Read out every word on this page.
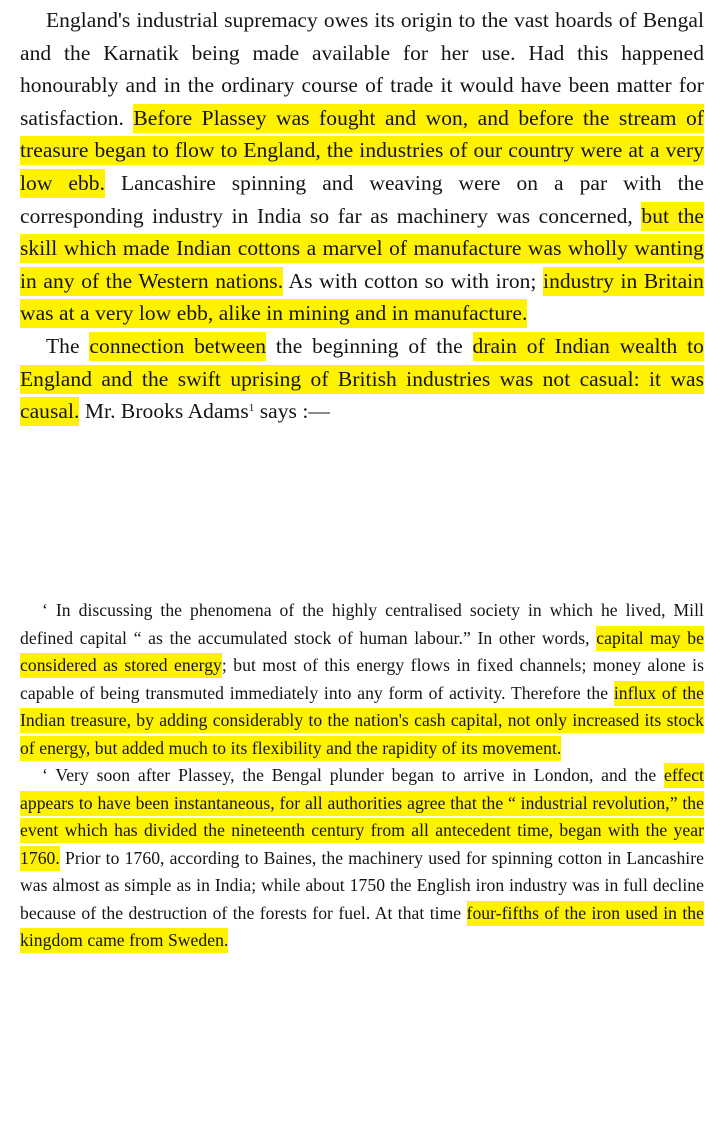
England's industrial supremacy owes its origin to the vast hoards of Bengal and the Karnatik being made available for her use. Had this happened honourably and in the ordinary course of trade it would have been matter for satisfaction. Before Plassey was fought and won, and before the stream of treasure began to flow to England, the industries of our country were at a very low ebb. Lancashire spinning and weaving were on a par with the corresponding industry in India so far as machinery was concerned, but the skill which made Indian cottons a marvel of manufacture was wholly wanting in any of the Western nations. As with cotton so with iron; industry in Britain was at a very low ebb, alike in mining and in manufacture.

The connection between the beginning of the drain of Indian wealth to England and the swift uprising of British industries was not casual: it was causal. Mr. Brooks Adams$^1$ says :—

‘ In discussing the phenomena of the highly centralised society in which he lived, Mill defined capital “ as the accumulated stock of human labour.” In other words, capital may be considered as stored energy; but most of this energy flows in fixed channels; money alone is capable of being transmuted immediately into any form of activity. Therefore the influx of the Indian treasure, by adding considerably to the nation's cash capital, not only increased its stock of energy, but added much to its flexibility and the rapidity of its movement.

‘ Very soon after Plassey, the Bengal plunder began to arrive in London, and the effect appears to have been instantaneous, for all authorities agree that the “ industrial revolution,” the event which has divided the nineteenth century from all antecedent time, began with the year 1760. Prior to 1760, according to Baines, the machinery used for spinning cotton in Lancashire was almost as simple as in India; while about 1750 the English iron industry was in full decline because of the destruction of the forests for fuel. At that time four-fifths of the iron used in the kingdom came from Sweden.
